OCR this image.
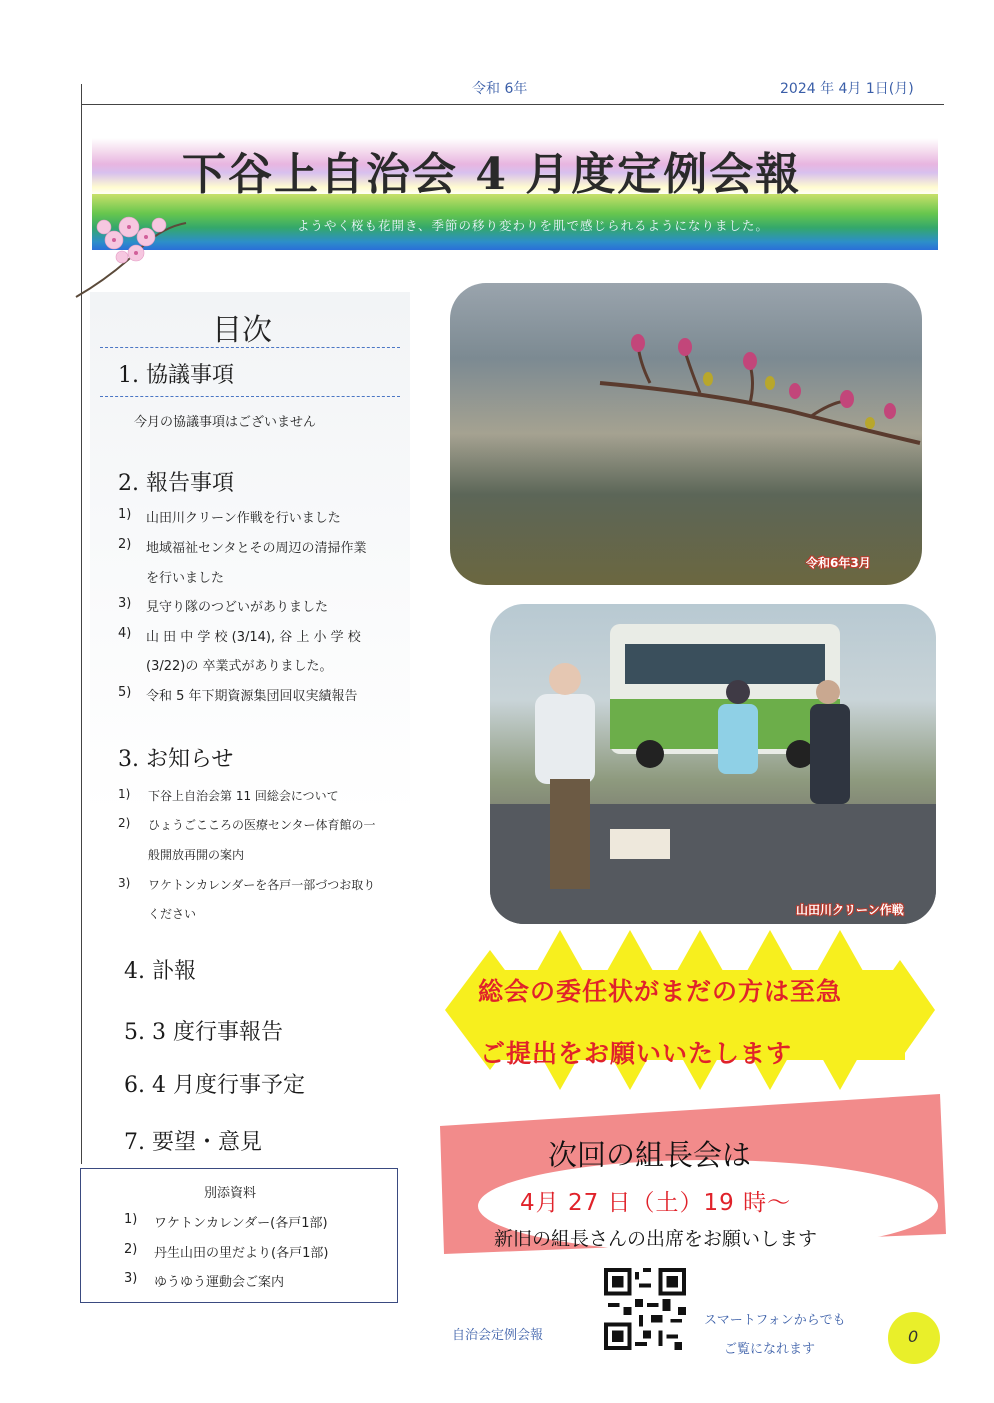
令和 6年	2024 年 4月 1日(月)
下谷上自治会 4 月度定例会報
ようやく桜も花開き、季節の移り変わりを肌で感じられるようになりました。
目次
1. 協議事項
今月の協議事項はございません
2. 報告事項
1) 山田川クリーン作戦を行いました
2) 地域福祉センタとその周辺の清掃作業
を行いました
3) 見守り隊のつどいがありました
4) 山 田 中 学 校 (3/14), 谷 上 小 学 校
(3/22)の 卒業式がありました。
5) 令和 5 年下期資源集団回収実績報告
3. お知らせ
1) 下谷上自治会第 11 回総会について
2) ひょうごこころの医療センター体育館の一
般開放再開の案内
3) ワケトンカレンダーを各戸一部づつお取り
ください
4. 訃報
5. 3 度行事報告
6. 4 月度行事予定
7. 要望・意見
別添資料
1) ワケトンカレンダー(各戸1部)
2) 丹生山田の里だより(各戸1部)
3) ゆうゆう運動会ご案内
令和6年3月
山田川クリーン作戦
総会の委任状がまだの方は至急
ご提出をお願いいたします
次回の組長会は
4月 27 日（土）19 時～
新旧の組長さんの出席をお願いします
自治会定例会報
スマートフォンからでも
ご覧になれます
0
